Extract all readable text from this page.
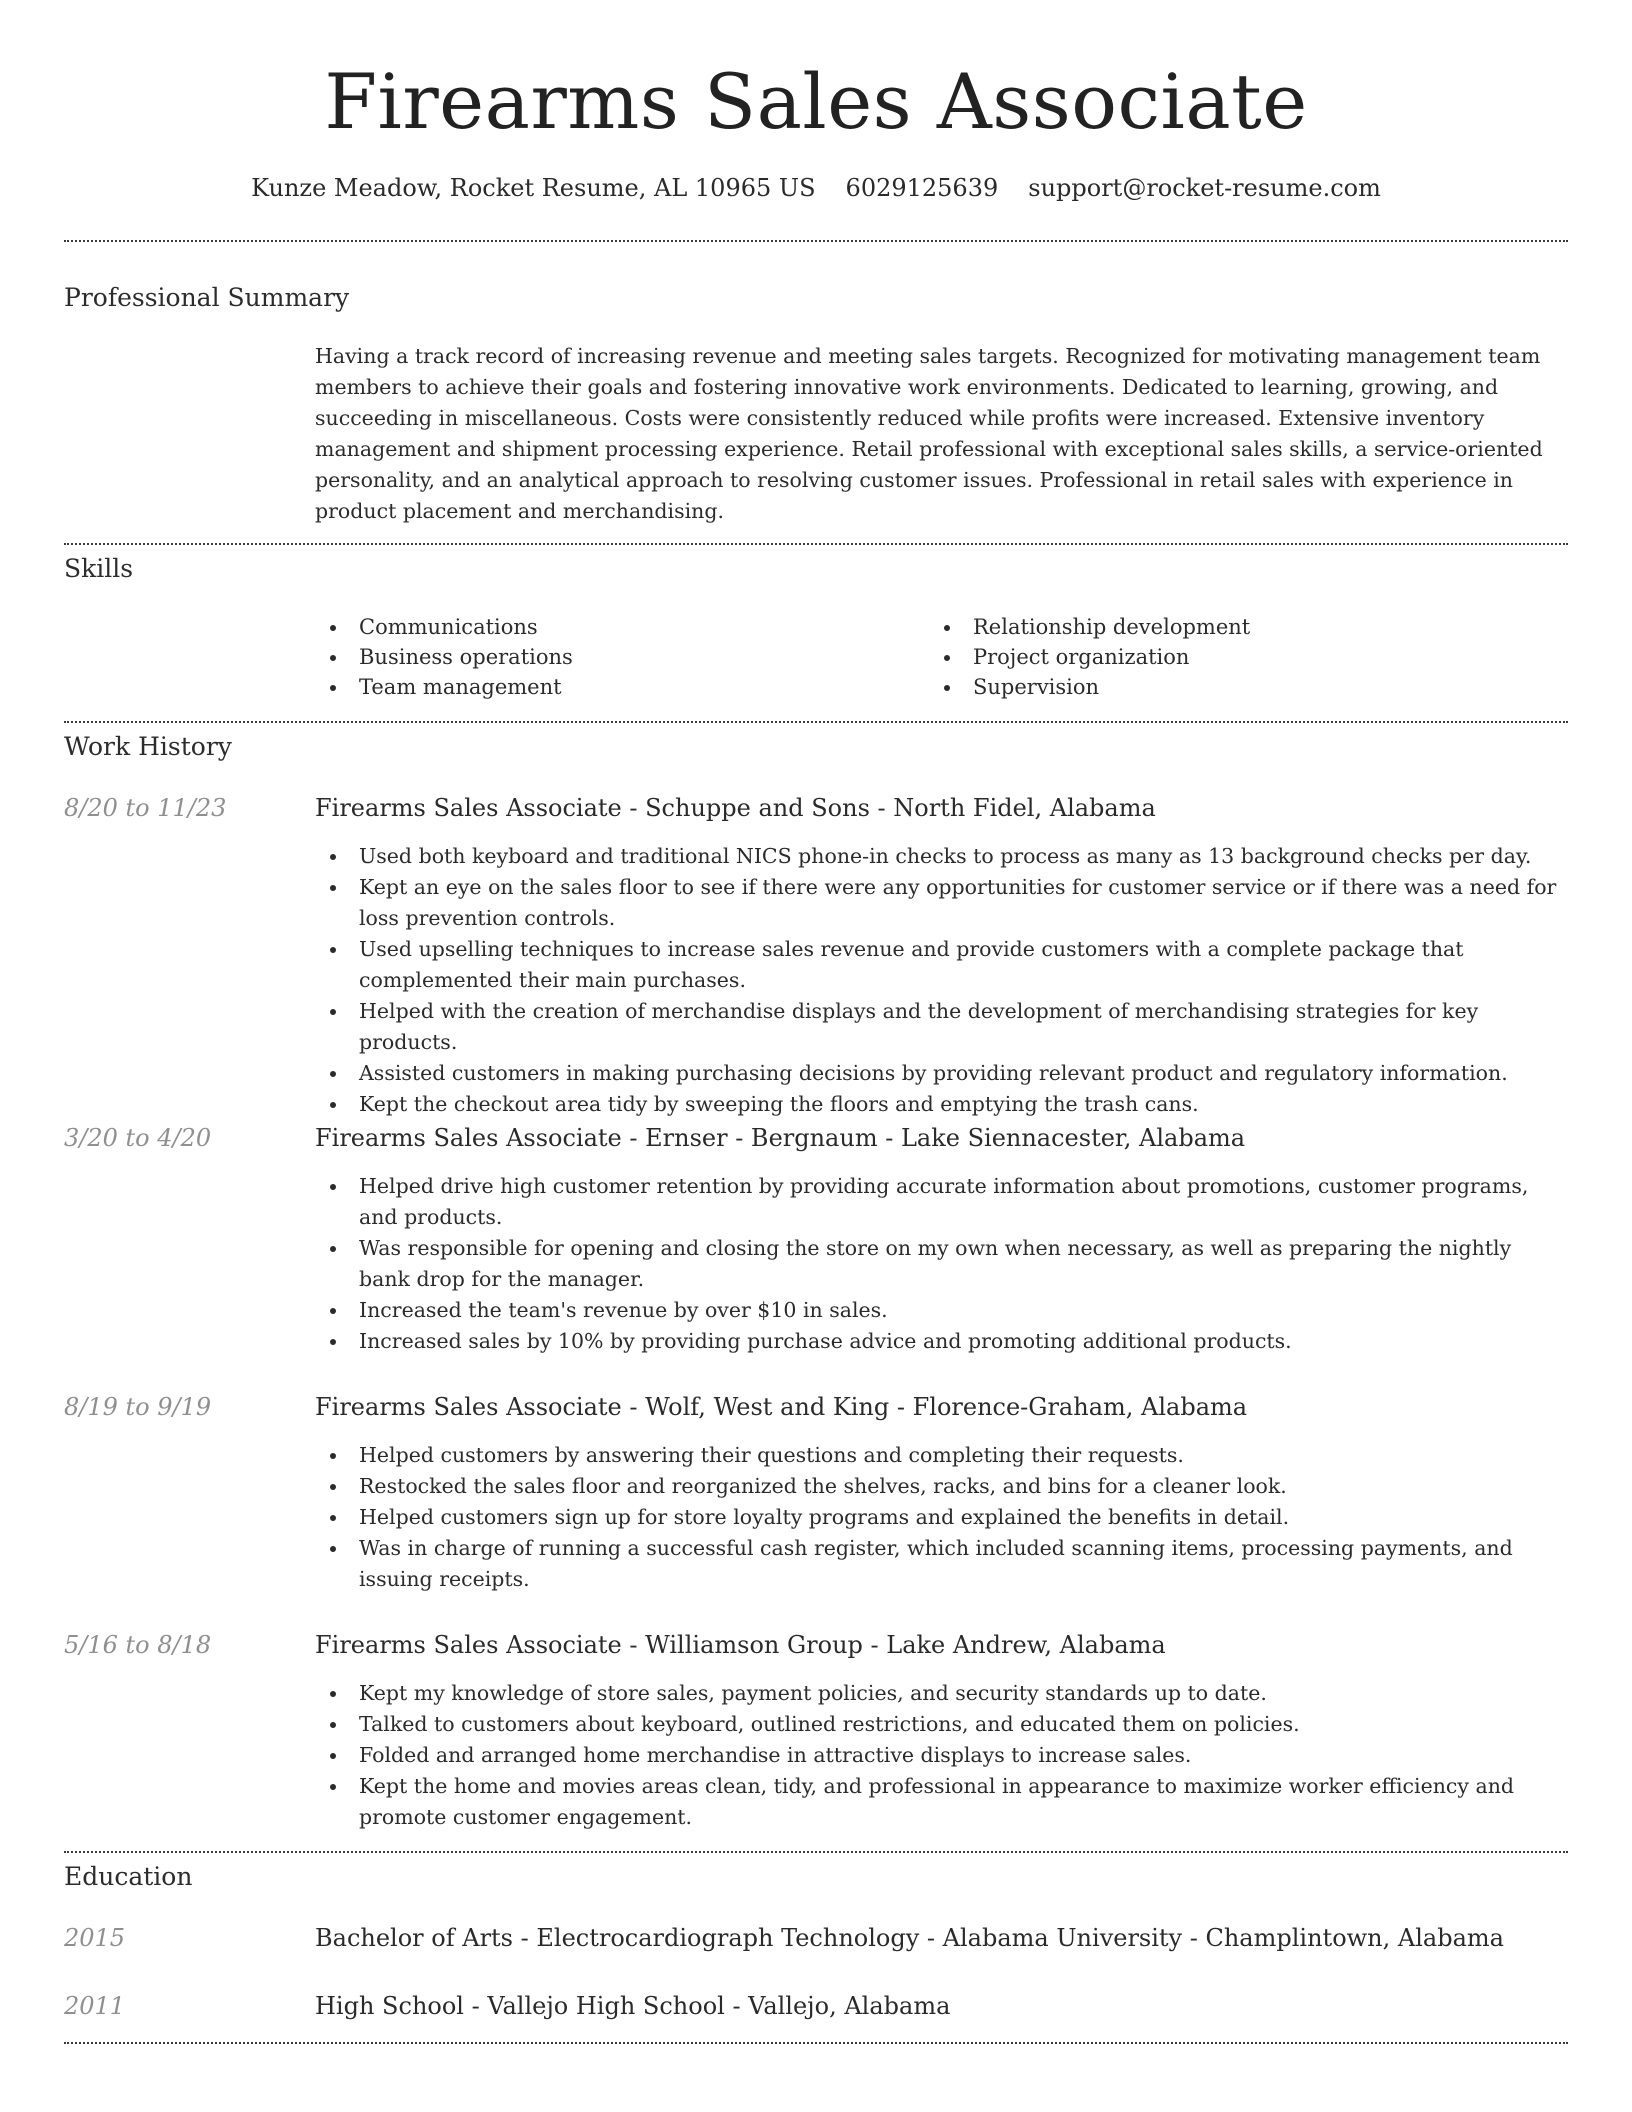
Firearms Sales Associate
Kunze Meadow, Rocket Resume, AL 10965 US 6029125639 support@rocket-resume.com
Professional Summary

Having a track record of increasing revenue and meeting sales targets. Recognized for motivating management team members to achieve their goals and fostering innovative work environments. Dedicated to learning, growing, and succeeding in miscellaneous. Costs were consistently reduced while profits were increased. Extensive inventory management and shipment processing experience. Retail professional with exceptional sales skills, a service-oriented personality, and an analytical approach to resolving customer issues. Professional in retail sales with experience in product placement and merchandising.

Skills
Communications
Business operations
Team management
Relationship development
Project organization
Supervision
Work History
8/20 to 11/23	Firearms Sales Associate - Schuppe and Sons - North Fidel, Alabama
Used both keyboard and traditional NICS phone-in checks to process as many as 13 background checks per day.
Kept an eye on the sales floor to see if there were any opportunities for customer service or if there was a need for loss prevention controls.
Used upselling techniques to increase sales revenue and provide customers with a complete package that complemented their main purchases.
Helped with the creation of merchandise displays and the development of merchandising strategies for key products.
Assisted customers in making purchasing decisions by providing relevant product and regulatory information.
Kept the checkout area tidy by sweeping the floors and emptying the trash cans.
3/20 to 4/20	Firearms Sales Associate - Ernser - Bergnaum - Lake Siennacester, Alabama
Helped drive high customer retention by providing accurate information about promotions, customer programs, and products.
Was responsible for opening and closing the store on my own when necessary, as well as preparing the nightly bank drop for the manager.
Increased the team's revenue by over $10 in sales.
Increased sales by 10% by providing purchase advice and promoting additional products.
8/19 to 9/19	Firearms Sales Associate - Wolf, West and King - Florence-Graham, Alabama
Helped customers by answering their questions and completing their requests.
Restocked the sales floor and reorganized the shelves, racks, and bins for a cleaner look.
Helped customers sign up for store loyalty programs and explained the benefits in detail.
Was in charge of running a successful cash register, which included scanning items, processing payments, and issuing receipts.
5/16 to 8/18	Firearms Sales Associate - Williamson Group - Lake Andrew, Alabama
Kept my knowledge of store sales, payment policies, and security standards up to date.
Talked to customers about keyboard, outlined restrictions, and educated them on policies.
Folded and arranged home merchandise in attractive displays to increase sales.
Kept the home and movies areas clean, tidy, and professional in appearance to maximize worker efficiency and promote customer engagement.
Education
2015	Bachelor of Arts - Electrocardiograph Technology - Alabama University - Champlintown, Alabama
2011	High School - Vallejo High School - Vallejo, Alabama
